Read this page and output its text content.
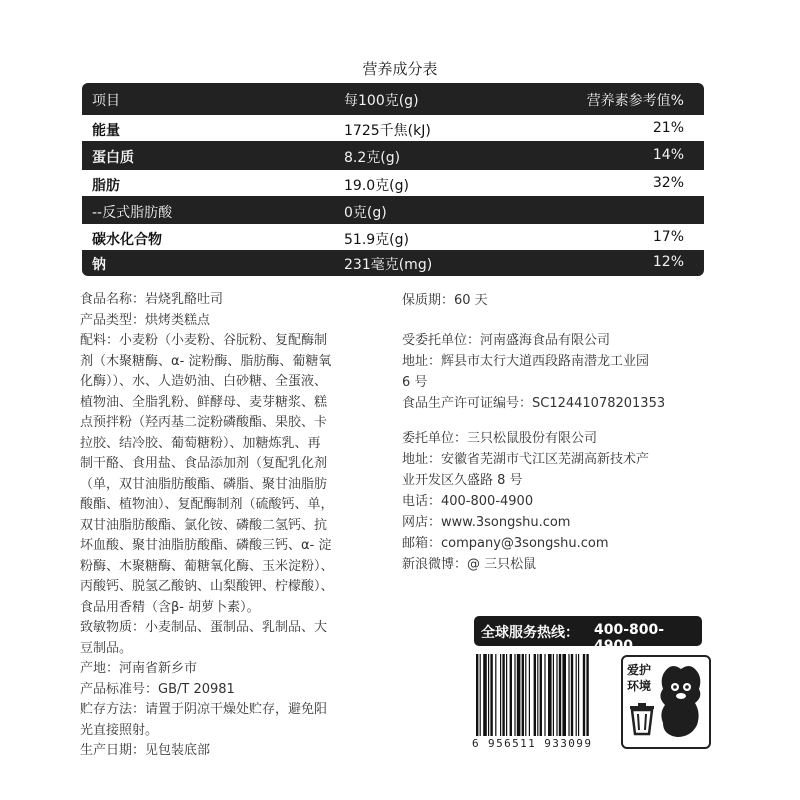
营养成分表
项目	每100克(g)	营养素参考值%
能量	1725千焦(kJ)	21%
蛋白质	8.2克(g)	14%
脂肪	19.0克(g)	32%
--反式脂肪酸	0克(g)
碳水化合物	51.9克(g)	17%
钠	231毫克(mg)	12%

食品名称：岩烧乳酪吐司

产品类型：烘烤类糕点

配料：小麦粉（小麦粉、谷朊粉、复配酶制

剂（木聚糖酶、α- 淀粉酶、脂肪酶、葡糖氧

化酶））、水、人造奶油、白砂糖、全蛋液、

植物油、全脂乳粉、鲜酵母、麦芽糖浆、糕

点预拌粉（羟丙基二淀粉磷酸酯、果胶、卡

拉胶、结冷胶、葡萄糖粉）、加糖炼乳、再

制干酪、食用盐、食品添加剂（复配乳化剂

（单，双甘油脂肪酸酯、磷脂、聚甘油脂肪

酸酯、植物油）、复配酶制剂（硫酸钙、单，

双甘油脂肪酸酯、氯化铵、磷酸二氢钙、抗

坏血酸、聚甘油脂肪酸酯、磷酸三钙、α- 淀

粉酶、木聚糖酶、葡糖氧化酶、玉米淀粉）、

丙酸钙、脱氢乙酸钠、山梨酸钾、柠檬酸）、

食品用香精（含β- 胡萝卜素）。

致敏物质：小麦制品、蛋制品、乳制品、大

豆制品。

产地：河南省新乡市

产品标准号：GB/T 20981

贮存方法：请置于阴凉干燥处贮存，避免阳

光直接照射。

生产日期：见包装底部

保质期：60 天

受委托单位：河南盛海食品有限公司

地址：辉县市太行大道西段路南潜龙工业园

6 号

食品生产许可证编号：SC12441078201353

委托单位：三只松鼠股份有限公司

地址：安徽省芜湖市弋江区芜湖高新技术产

业开发区久盛路 8 号

电话：400-800-4900

网店：www.3songshu.com

邮箱：company@3songshu.com

新浪微博：@ 三只松鼠

全球服务热线： 400-800-4900
6 956511 933099
爱护
环境
